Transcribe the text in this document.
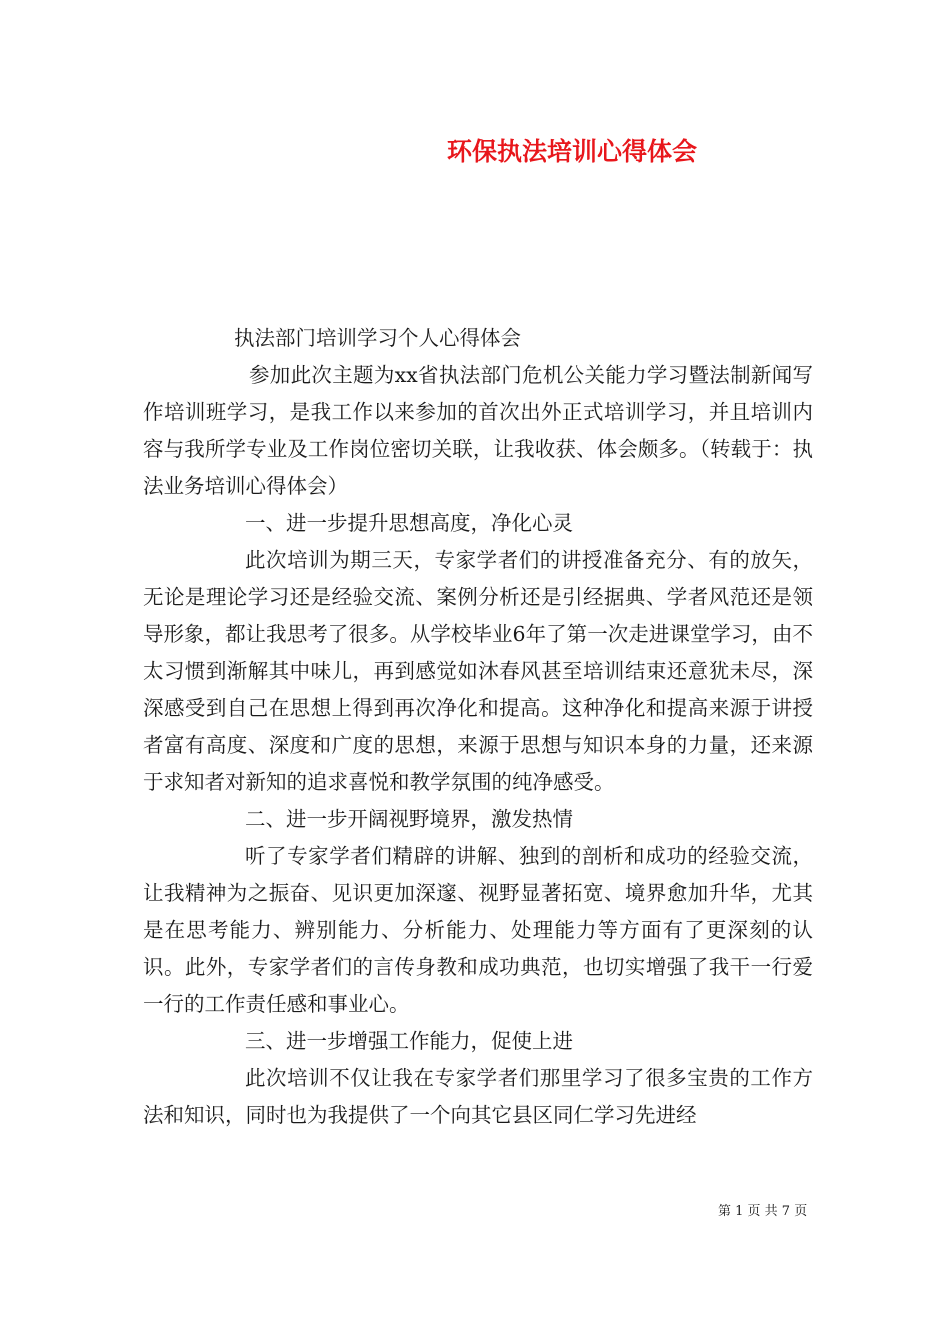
环保执法培训心得体会

执法部门培训学习个人心得体会

参加此次主题为xx省执法部门危机公关能力学习暨法制新闻写作培训班学习，是我工作以来参加的首次出外正式培训学习，并且培训内容与我所学专业及工作岗位密切关联，让我收获、体会颇多。（转载于：执法业务培训心得体会）

一、进一步提升思想高度，净化心灵

此次培训为期三天，专家学者们的讲授准备充分、有的放矢，无论是理论学习还是经验交流、案例分析还是引经据典、学者风范还是领导形象，都让我思考了很多。从学校毕业6年了第一次走进课堂学习，由不太习惯到渐解其中味儿，再到感觉如沐春风甚至培训结束还意犹未尽，深深感受到自己在思想上得到再次净化和提高。这种净化和提高来源于讲授者富有高度、深度和广度的思想，来源于思想与知识本身的力量，还来源于求知者对新知的追求喜悦和教学氛围的纯净感受。

二、进一步开阔视野境界，激发热情

听了专家学者们精辟的讲解、独到的剖析和成功的经验交流，让我精神为之振奋、见识更加深邃、视野显著拓宽、境界愈加升华，尤其是在思考能力、辨别能力、分析能力、处理能力等方面有了更深刻的认识。此外，专家学者们的言传身教和成功典范，也切实增强了我干一行爱一行的工作责任感和事业心。

三、进一步增强工作能力，促使上进

此次培训不仅让我在专家学者们那里学习了很多宝贵的工作方法和知识，同时也为我提供了一个向其它县区同仁学习先进经

第 1 页 共 7 页
